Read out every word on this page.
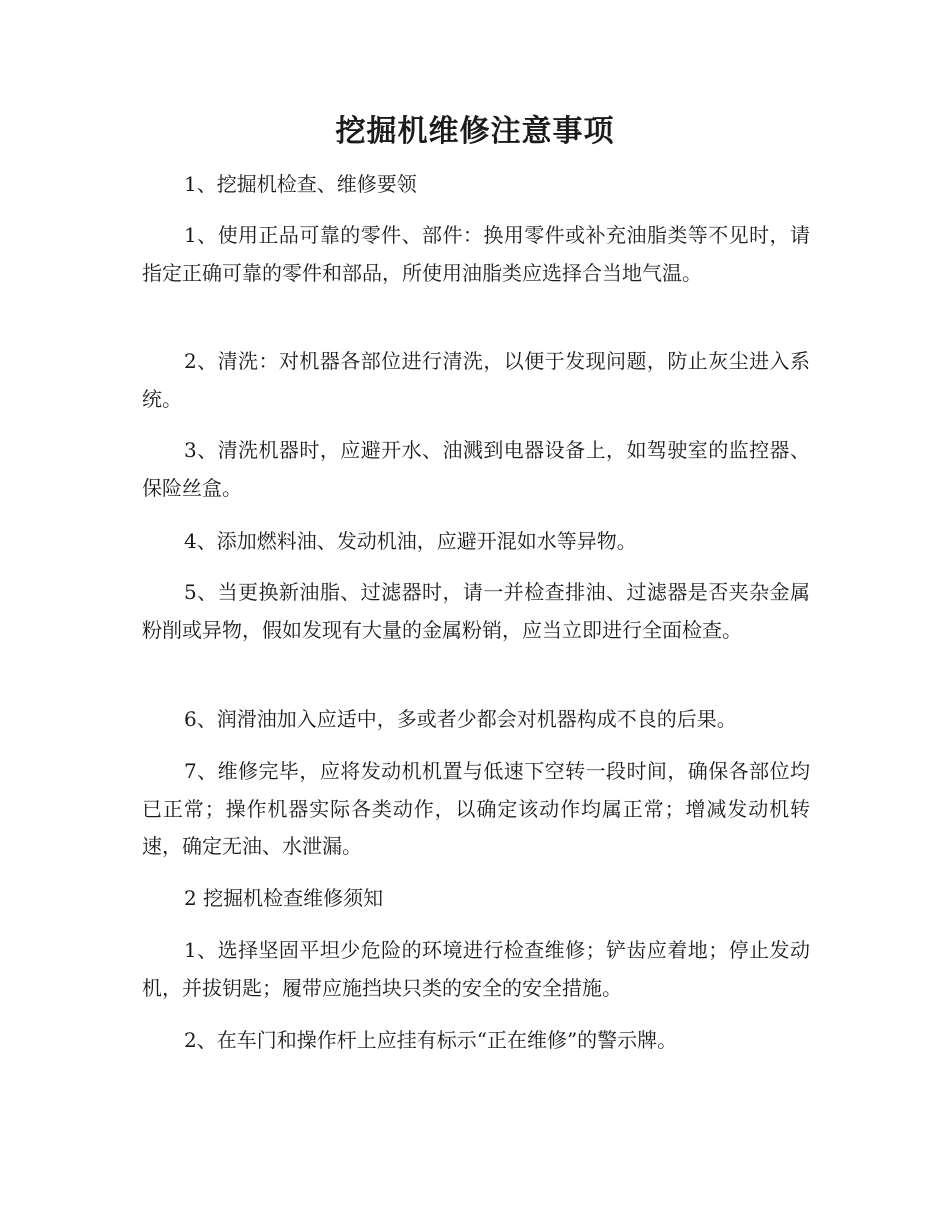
挖掘机维修注意事项

1、挖掘机检查、维修要领

1、使用正品可靠的零件、部件：换用零件或补充油脂类等不见时，请指定正确可靠的零件和部品，所使用油脂类应选择合当地气温。

2、清洗：对机器各部位进行清洗，以便于发现问题，防止灰尘进入系统。

3、清洗机器时，应避开水、油溅到电器设备上，如驾驶室的监控器、保险丝盒。

4、添加燃料油、发动机油，应避开混如水等异物。

5、当更换新油脂、过滤器时，请一并检查排油、过滤器是否夹杂金属粉削或异物，假如发现有大量的金属粉销，应当立即进行全面检查。

6、润滑油加入应适中，多或者少都会对机器构成不良的后果。

7、维修完毕，应将发动机机置与低速下空转一段时间，确保各部位均已正常；操作机器实际各类动作，以确定该动作均属正常；增减发动机转速，确定无油、水泄漏。

2 挖掘机检查维修须知

1、选择坚固平坦少危险的环境进行检查维修；铲齿应着地；停止发动机，并拔钥匙；履带应施挡块只类的安全的安全措施。

2、在车门和操作杆上应挂有标示“正在维修”的警示牌。
